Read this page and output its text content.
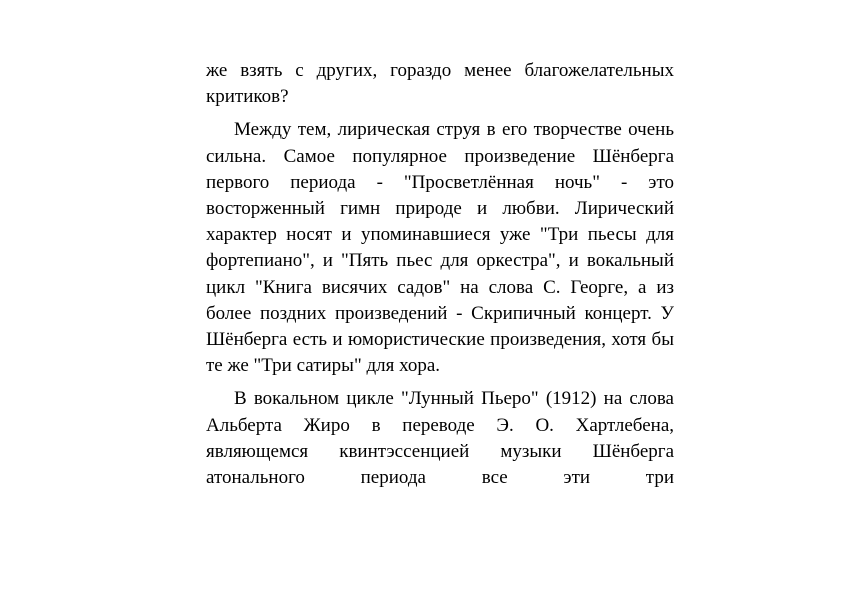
же взять с других, гораздо менее благожелательных критиков?

Между тем, лирическая струя в его творчестве очень сильна. Самое популярное произведение Шёнберга первого периода - "Просветлённая ночь" - это восторженный гимн природе и любви. Лирический характер носят и упоминавшиеся уже "Три пьесы для фортепиано", и "Пять пьес для оркестра", и вокальный цикл "Книга висячих садов" на слова С. Георге, а из более поздних произведений - Скрипичный концерт. У Шёнберга есть и юмористические произведения, хотя бы те же "Три сатиры" для хора.

В вокальном цикле "Лунный Пьеро" (1912) на слова Альберта Жиро в переводе Э. О. Хартлебена, являющемся квинтэссенцией музыки Шёнберга атонального периода все эти три
